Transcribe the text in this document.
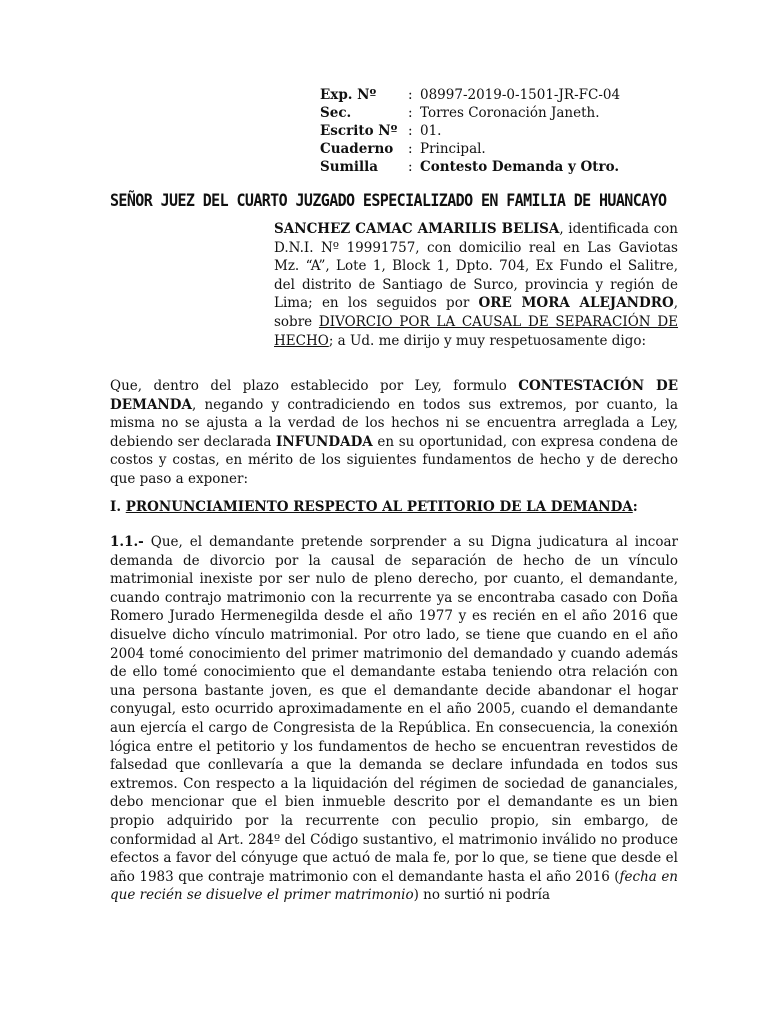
Exp. Nº	: 08997-2019-0-1501-JR-FC-04
Sec.	: Torres Coronación Janeth.
Escrito Nº : 01.
Cuaderno	: Principal.
Sumilla	: Contesto Demanda y Otro.
SEÑOR JUEZ DEL CUARTO JUZGADO ESPECIALIZADO EN FAMILIA DE HUANCAYO
SANCHEZ CAMAC AMARILIS BELISA, identificada con D.N.I. Nº 19991757, con domicilio real en Las Gaviotas Mz. “A”, Lote 1, Block 1, Dpto. 704, Ex Fundo el Salitre, del distrito de Santiago de Surco, provincia y región de Lima; en los seguidos por ORE MORA ALEJANDRO, sobre DIVORCIO POR LA CAUSAL DE SEPARACIÓN DE HECHO; a Ud. me dirijo y muy respetuosamente digo:
Que, dentro del plazo establecido por Ley, formulo CONTESTACIÓN DE DEMANDA, negando y contradiciendo en todos sus extremos, por cuanto, la misma no se ajusta a la verdad de los hechos ni se encuentra arreglada a Ley, debiendo ser declarada INFUNDADA en su oportunidad, con expresa condena de costos y costas, en mérito de los siguientes fundamentos de hecho y de derecho que paso a exponer:
I. PRONUNCIAMIENTO RESPECTO AL PETITORIO DE LA DEMANDA:
1.1.- Que, el demandante pretende sorprender a su Digna judicatura al incoar demanda de divorcio por la causal de separación de hecho de un vínculo matrimonial inexiste por ser nulo de pleno derecho, por cuanto, el demandante, cuando contrajo matrimonio con la recurrente ya se encontraba casado con Doña Romero Jurado Hermenegilda desde el año 1977 y es recién en el año 2016 que disuelve dicho vínculo matrimonial. Por otro lado, se tiene que cuando en el año 2004 tomé conocimiento del primer matrimonio del demandado y cuando además de ello tomé conocimiento que el demandante estaba teniendo otra relación con una persona bastante joven, es que el demandante decide abandonar el hogar conyugal, esto ocurrido aproximadamente en el año 2005, cuando el demandante aun ejercía el cargo de Congresista de la República. En consecuencia, la conexión lógica entre el petitorio y los fundamentos de hecho se encuentran revestidos de falsedad que conllevaría a que la demanda se declare infundada en todos sus extremos. Con respecto a la liquidación del régimen de sociedad de gananciales, debo mencionar que el bien inmueble descrito por el demandante es un bien propio adquirido por la recurrente con peculio propio, sin embargo, de conformidad al Art. 284º del Código sustantivo, el matrimonio inválido no produce efectos a favor del cónyuge que actuó de mala fe, por lo que, se tiene que desde el año 1983 que contraje matrimonio con el demandante hasta el año 2016 (fecha en que recién se disuelve el primer matrimonio) no surtió ni podría
